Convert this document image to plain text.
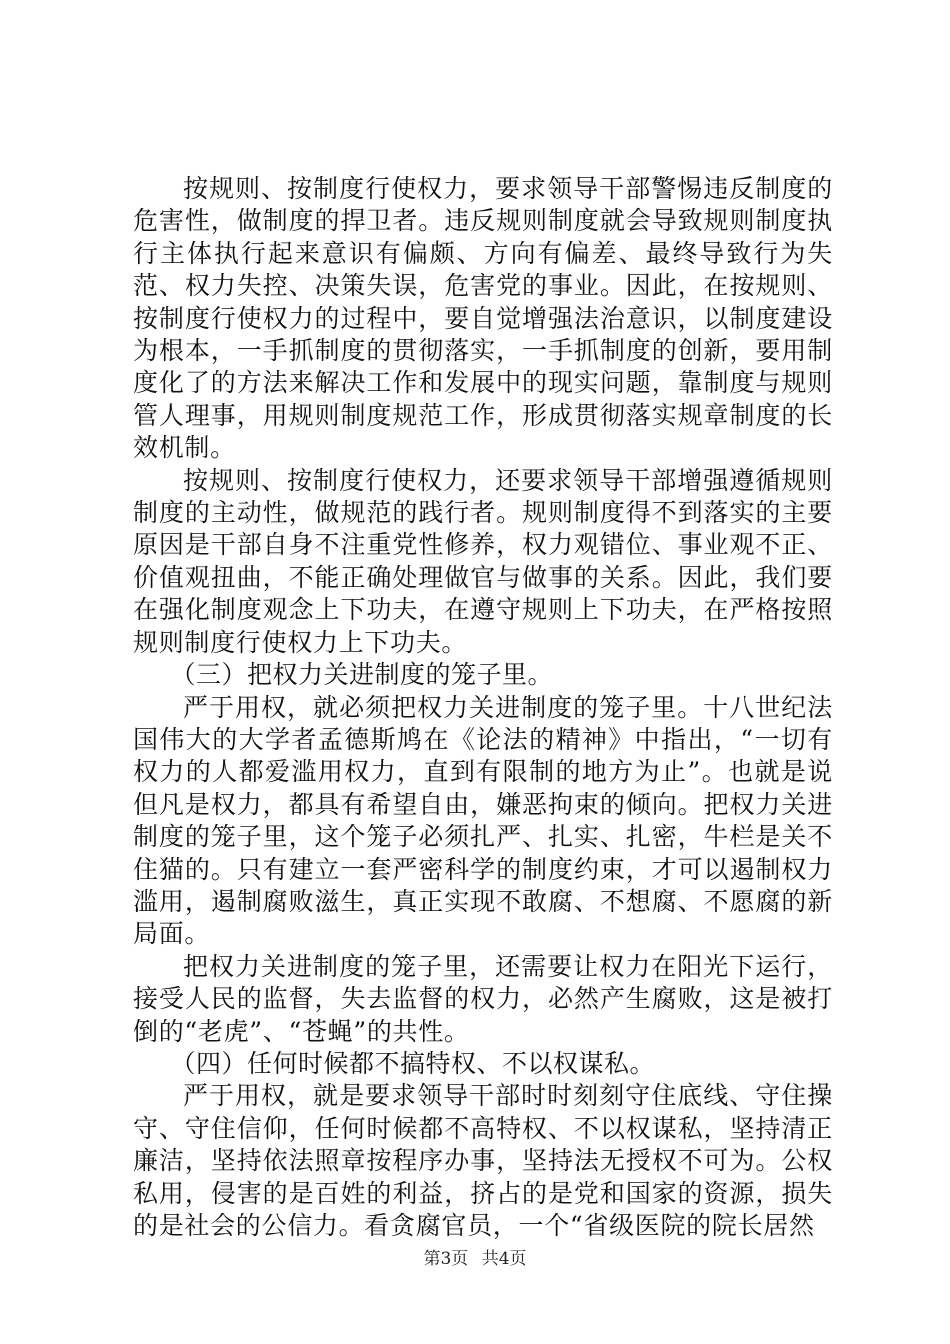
按规则、按制度行使权力，要求领导干部警惕违反制度的危害性，做制度的捍卫者。违反规则制度就会导致规则制度执行主体执行起来意识有偏颇、方向有偏差、最终导致行为失范、权力失控、决策失误，危害党的事业。因此，在按规则、按制度行使权力的过程中，要自觉增强法治意识，以制度建设为根本，一手抓制度的贯彻落实，一手抓制度的创新，要用制度化了的方法来解决工作和发展中的现实问题，靠制度与规则管人理事，用规则制度规范工作，形成贯彻落实规章制度的长效机制。

按规则、按制度行使权力，还要求领导干部增强遵循规则制度的主动性，做规范的践行者。规则制度得不到落实的主要原因是干部自身不注重党性修养，权力观错位、事业观不正、价值观扭曲，不能正确处理做官与做事的关系。因此，我们要在强化制度观念上下功夫，在遵守规则上下功夫，在严格按照规则制度行使权力上下功夫。

（三）把权力关进制度的笼子里。

严于用权，就必须把权力关进制度的笼子里。十八世纪法国伟大的大学者孟德斯鸠在《论法的精神》中指出，“一切有权力的人都爱滥用权力，直到有限制的地方为止”。也就是说但凡是权力，都具有希望自由，嫌恶拘束的倾向。把权力关进制度的笼子里，这个笼子必须扎严、扎实、扎密，牛栏是关不住猫的。只有建立一套严密科学的制度约束，才可以遏制权力滥用，遏制腐败滋生，真正实现不敢腐、不想腐、不愿腐的新局面。

把权力关进制度的笼子里，还需要让权力在阳光下运行，接受人民的监督，失去监督的权力，必然产生腐败，这是被打倒的“老虎”、“苍蝇”的共性。

（四）任何时候都不搞特权、不以权谋私。

严于用权，就是要求领导干部时时刻刻守住底线、守住操守、守住信仰，任何时候都不高特权、不以权谋私，坚持清正廉洁，坚持依法照章按程序办事，坚持法无授权不可为。公权私用，侵害的是百姓的利益，挤占的是党和国家的资源，损失的是社会的公信力。看贪腐官员，一个“省级医院的院长居然

第3页 共4页
